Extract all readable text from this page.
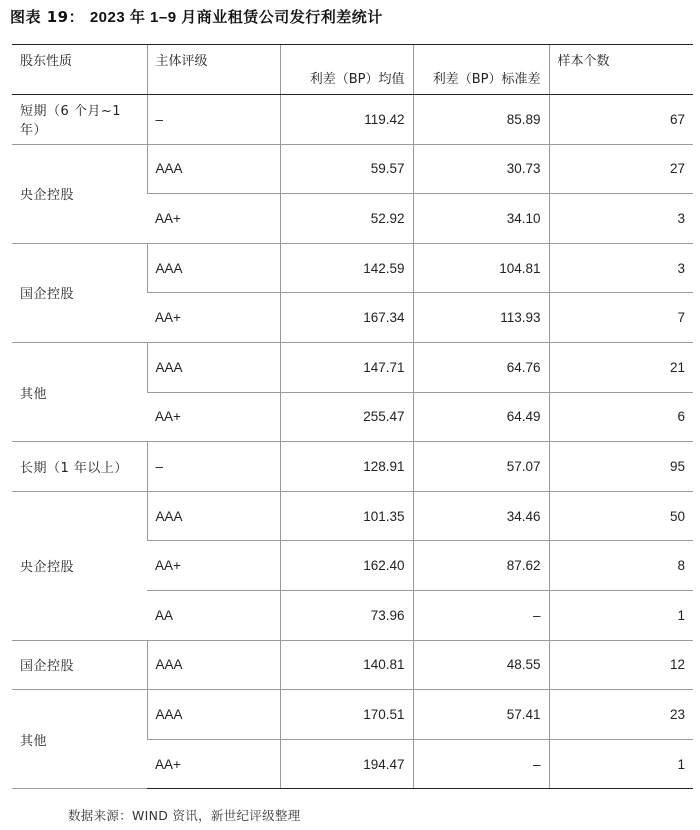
图表 19： 2023 年 1–9 月商业租赁公司发行利差统计
股东性质	主体评级	利差（BP）均值	利差（BP）标准差	样本个数
短期（6 个月~1 年）	–	119.42	85.89	67
央企控股	AAA	59.57	30.73	27
	AA+	52.92	34.10	3
国企控股	AAA	142.59	104.81	3
	AA+	167.34	113.93	7
其他	AAA	147.71	64.76	21
	AA+	255.47	64.49	6
长期（1 年以上）	–	128.91	57.07	95
央企控股	AAA	101.35	34.46	50
	AA+	162.40	87.62	8
	AA	73.96	–	1
国企控股	AAA	140.81	48.55	12
其他	AAA	170.51	57.41	23
	AA+	194.47	–	1
数据来源：WIND 资讯，新世纪评级整理
